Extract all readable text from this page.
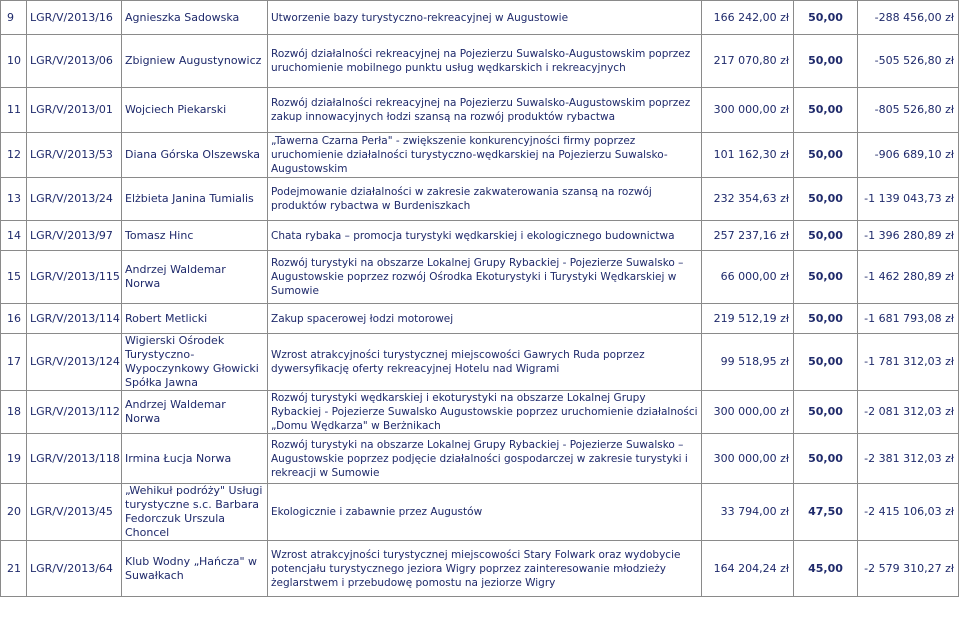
9	LGR/V/2013/16	Agnieszka Sadowska	Utworzenie bazy turystyczno-rekreacyjnej w Augustowie	166 242,00 zł	50,00	-288 456,00 zł
10	LGR/V/2013/06	Zbigniew Augustynowicz	Rozwój działalności rekreacyjnej na Pojezierzu Suwalsko-Augustowskim poprzez uruchomienie mobilnego punktu usług wędkarskich i rekreacyjnych	217 070,80 zł	50,00	-505 526,80 zł
11	LGR/V/2013/01	Wojciech Piekarski	Rozwój działalności rekreacyjnej na Pojezierzu Suwalsko-Augustowskim poprzez zakup innowacyjnych łodzi szansą na rozwój produktów rybactwa	300 000,00 zł	50,00	-805 526,80 zł
12	LGR/V/2013/53	Diana Górska Olszewska	„Tawerna Czarna Perła" - zwiększenie konkurencyjności firmy poprzez uruchomienie działalności turystyczno-wędkarskiej na Pojezierzu Suwalsko-Augustowskim	101 162,30 zł	50,00	-906 689,10 zł
13	LGR/V/2013/24	Elżbieta Janina Tumialis	Podejmowanie działalności w zakresie zakwaterowania szansą na rozwój produktów rybactwa w Burdeniszkach	232 354,63 zł	50,00	-1 139 043,73 zł
14	LGR/V/2013/97	Tomasz Hinc	Chata rybaka – promocja turystyki wędkarskiej i ekologicznego budownictwa	257 237,16 zł	50,00	-1 396 280,89 zł
15	LGR/V/2013/115	Andrzej Waldemar Norwa	Rozwój turystyki na obszarze Lokalnej Grupy Rybackiej - Pojezierze Suwalsko – Augustowskie poprzez rozwój Ośrodka Ekoturystyki i Turystyki Wędkarskiej w Sumowie	66 000,00 zł	50,00	-1 462 280,89 zł
16	LGR/V/2013/114	Robert Metlicki	Zakup spacerowej łodzi motorowej	219 512,19 zł	50,00	-1 681 793,08 zł
17	LGR/V/2013/124	Wigierski Ośrodek Turystyczno-Wypoczynkowy Głowicki Spółka Jawna	Wzrost atrakcyjności turystycznej miejscowości Gawrych Ruda poprzez dywersyfikację oferty rekreacyjnej Hotelu nad Wigrami	99 518,95 zł	50,00	-1 781 312,03 zł
18	LGR/V/2013/112	Andrzej Waldemar Norwa	Rozwój turystyki wędkarskiej i ekoturystyki na obszarze Lokalnej Grupy Rybackiej - Pojezierze Suwalsko Augustowskie poprzez uruchomienie działalności „Domu Wędkarza" w Berżnikach	300 000,00 zł	50,00	-2 081 312,03 zł
19	LGR/V/2013/118	Irmina Łucja Norwa	Rozwój turystyki na obszarze Lokalnej Grupy Rybackiej - Pojezierze Suwalsko – Augustowskie poprzez podjęcie działalności gospodarczej w zakresie turystyki i rekreacji w Sumowie	300 000,00 zł	50,00	-2 381 312,03 zł
20	LGR/V/2013/45	„Wehikuł podróży" Usługi turystyczne s.c. Barbara Fedorczuk Urszula Choncel	Ekologicznie i zabawnie przez Augustów	33 794,00 zł	47,50	-2 415 106,03 zł
21	LGR/V/2013/64	Klub Wodny „Hańcza" w Suwałkach	Wzrost atrakcyjności turystycznej miejscowości Stary Folwark oraz wydobycie potencjału turystycznego jeziora Wigry poprzez zainteresowanie młodzieży żeglarstwem i przebudowę pomostu na jeziorze Wigry	164 204,24 zł	45,00	-2 579 310,27 zł
